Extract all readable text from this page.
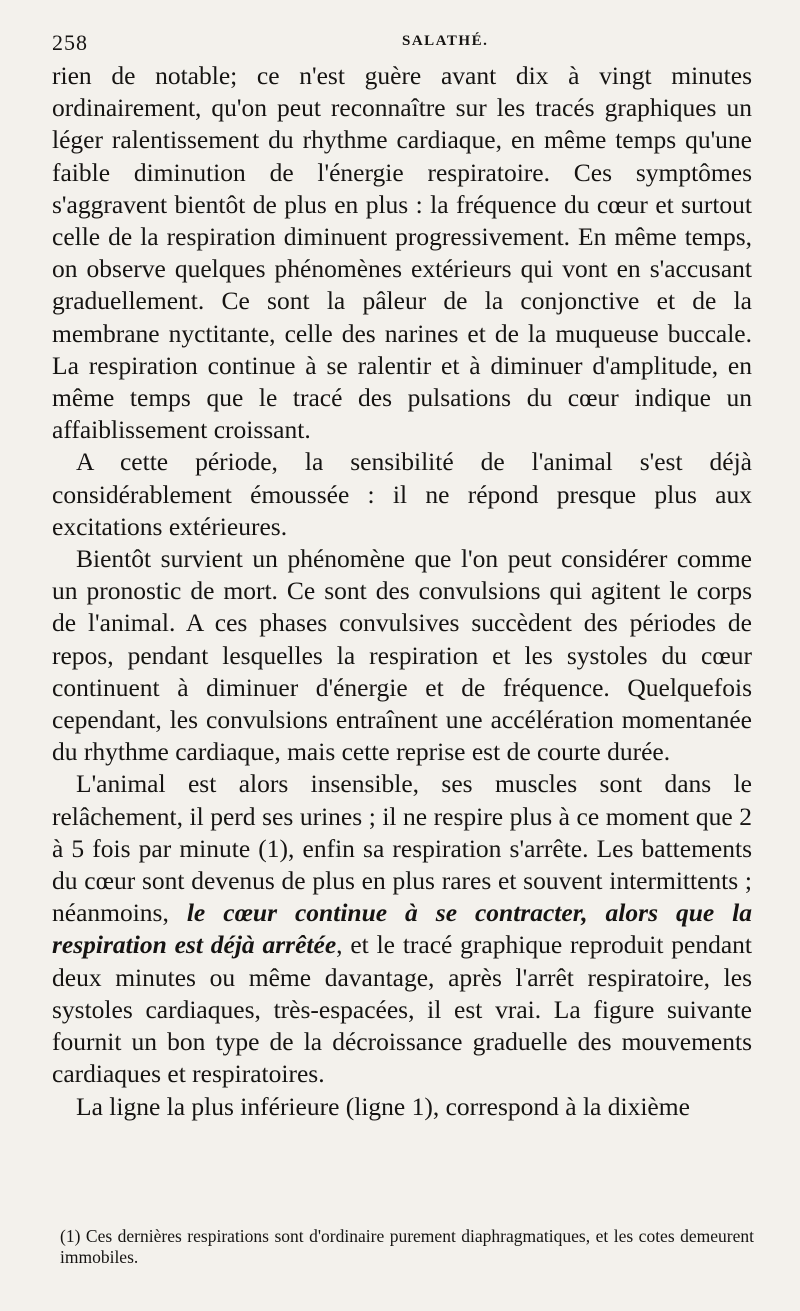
258	SALATHÉ.

rien de notable; ce n'est guère avant dix à vingt minutes ordinairement, qu'on peut reconnaître sur les tracés graphiques un léger ralentissement du rhythme cardiaque, en même temps qu'une faible diminution de l'énergie respiratoire. Ces symptômes s'aggravent bientôt de plus en plus : la fréquence du cœur et surtout celle de la respiration diminuent progressivement. En même temps, on observe quelques phénomènes extérieurs qui vont en s'accusant graduellement. Ce sont la pâleur de la conjonctive et de la membrane nyctitante, celle des narines et de la muqueuse buccale. La respiration continue à se ralentir et à diminuer d'amplitude, en même temps que le tracé des pulsations du cœur indique un affaiblissement croissant.

A cette période, la sensibilité de l'animal s'est déjà considérablement émoussée : il ne répond presque plus aux excitations extérieures.

Bientôt survient un phénomène que l'on peut considérer comme un pronostic de mort. Ce sont des convulsions qui agitent le corps de l'animal. A ces phases convulsives succèdent des périodes de repos, pendant lesquelles la respiration et les systoles du cœur continuent à diminuer d'énergie et de fréquence. Quelquefois cependant, les convulsions entraînent une accélération momentanée du rhythme cardiaque, mais cette reprise est de courte durée.

L'animal est alors insensible, ses muscles sont dans le relâchement, il perd ses urines ; il ne respire plus à ce moment que 2 à 5 fois par minute (1), enfin sa respiration s'arrête. Les battements du cœur sont devenus de plus en plus rares et souvent intermittents ; néanmoins, le cœur continue à se contracter, alors que la respiration est déjà arrêtée, et le tracé graphique reproduit pendant deux minutes ou même davantage, après l'arrêt respiratoire, les systoles cardiaques, très-espacées, il est vrai. La figure suivante fournit un bon type de la décroissance graduelle des mouvements cardiaques et respiratoires.

La ligne la plus inférieure (ligne 1), correspond à la dixième

(1) Ces dernières respirations sont d'ordinaire purement diaphragmatiques, et les cotes demeurent immobiles.
